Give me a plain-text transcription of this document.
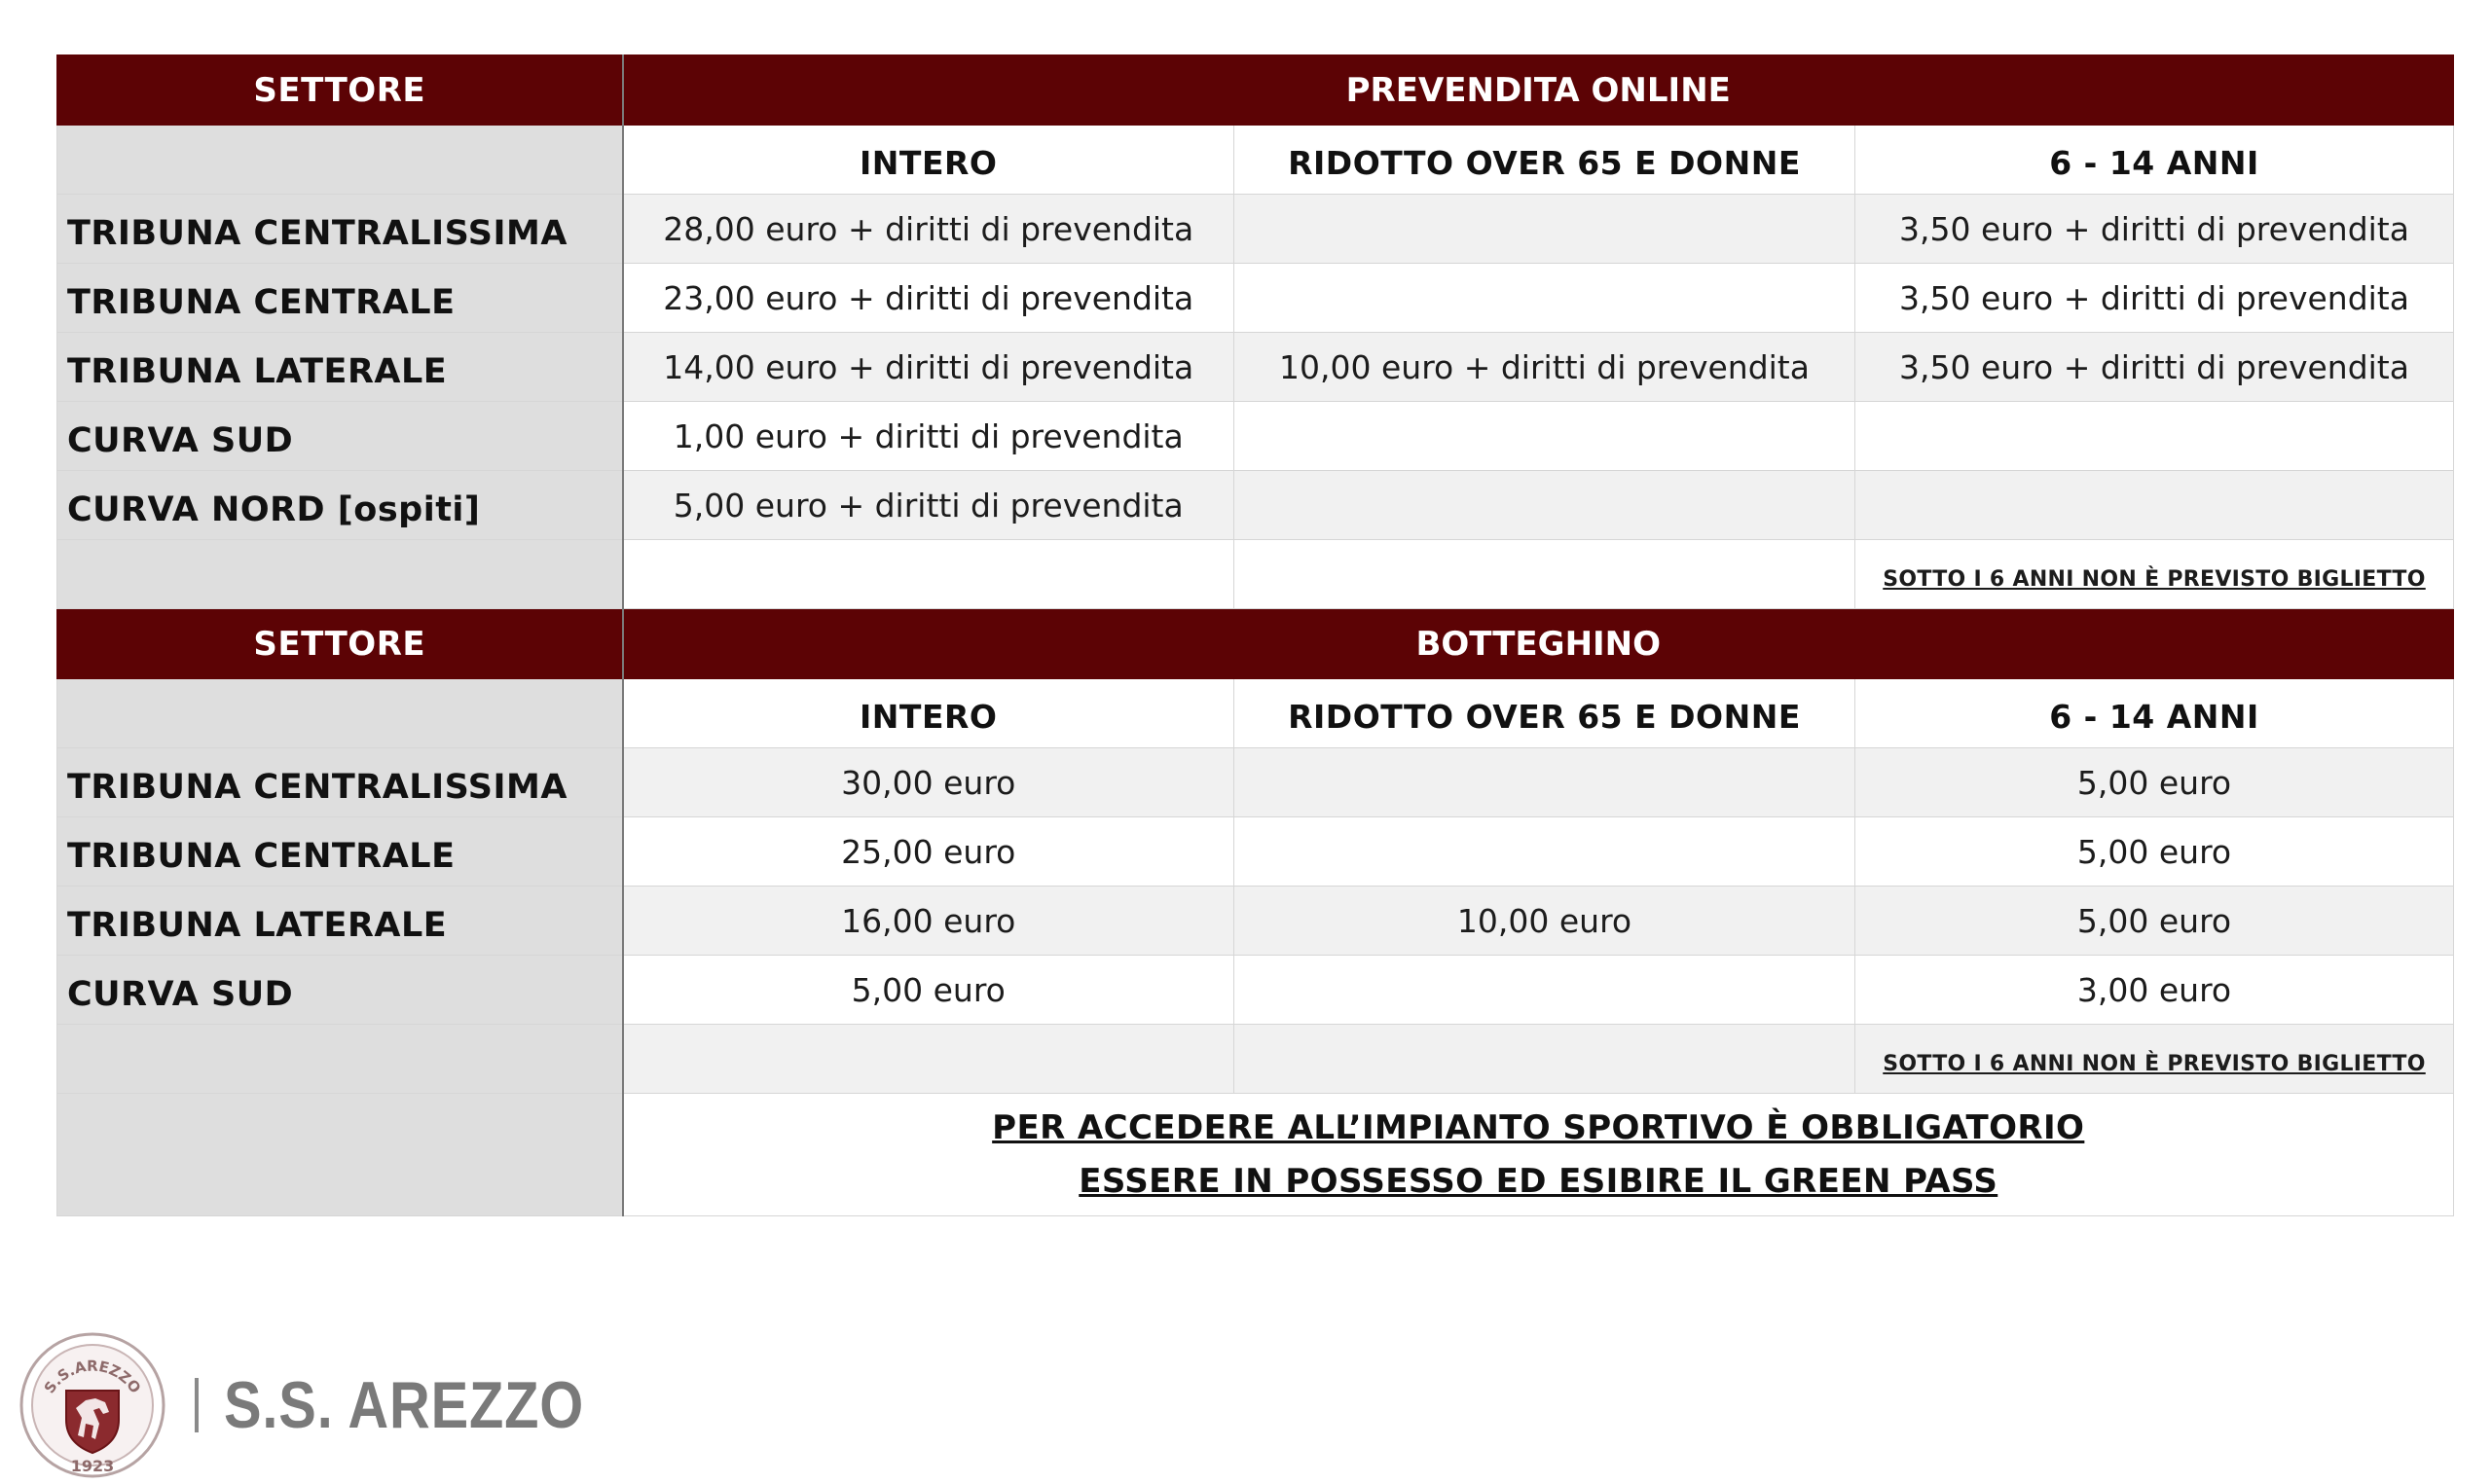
SETTORE	PREVENDITA ONLINE		
	INTERO	RIDOTTO OVER 65 E DONNE	6 - 14 ANNI
TRIBUNA CENTRALISSIMA	28,00 euro + diritti di prevendita		3,50 euro + diritti di prevendita
TRIBUNA CENTRALE	23,00 euro + diritti di prevendita		3,50 euro + diritti di prevendita
TRIBUNA LATERALE	14,00 euro + diritti di prevendita	10,00 euro + diritti di prevendita	3,50 euro + diritti di prevendita
CURVA SUD	1,00 euro + diritti di prevendita		
CURVA NORD [ospiti]	5,00 euro + diritti di prevendita		
			SOTTO I 6 ANNI NON È PREVISTO BIGLIETTO
SETTORE	BOTTEGHINO		
	INTERO	RIDOTTO OVER 65 E DONNE	6 - 14 ANNI
TRIBUNA CENTRALISSIMA	30,00 euro		5,00 euro
TRIBUNA CENTRALE	25,00 euro		5,00 euro
TRIBUNA LATERALE	16,00 euro	10,00 euro	5,00 euro
CURVA SUD	5,00 euro		3,00 euro
			SOTTO I 6 ANNI NON È PREVISTO BIGLIETTO

	PER ACCEDERE ALL’IMPIANTO SPORTIVO È OBBLIGATORIO
ESSERE IN POSSESSO ED ESIBIRE IL GREEN PASS		
S.S.AREZZO
1923
S.S. AREZZO
